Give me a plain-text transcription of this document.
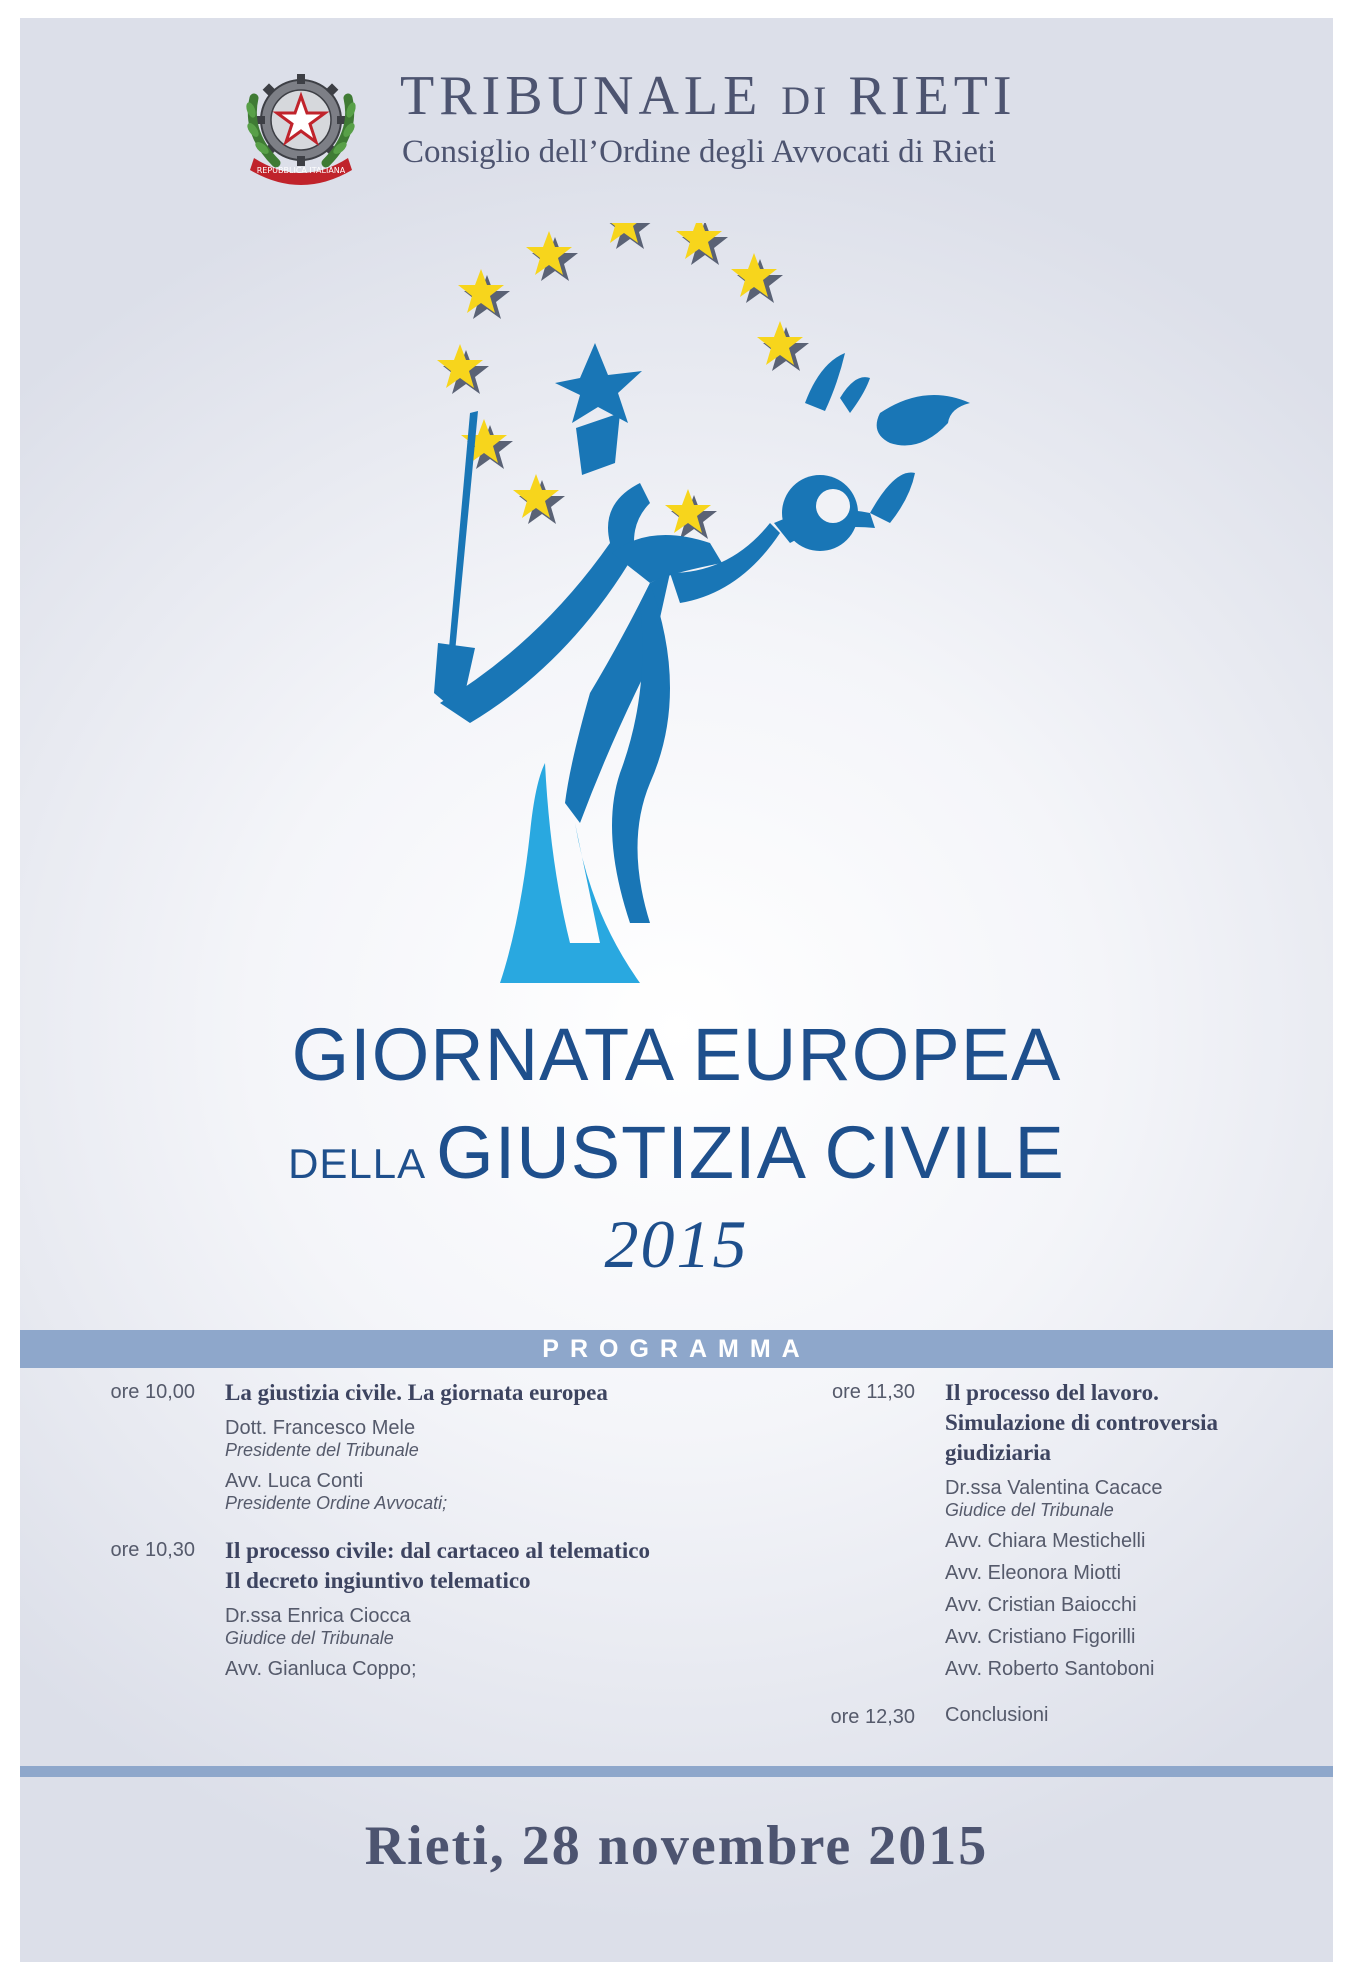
REPUBBLICA ITALIANA
TRIBUNALE DI RIETI
Consiglio dell’Ordine degli Avvocati di Rieti
GIORNATA EUROPEA
DELLA GIUSTIZIA CIVILE
2015
PROGRAMMA
ore 10,00 La giustizia civile. La giornata europea
Dott. Francesco Mele
Presidente del Tribunale
Avv. Luca Conti
Presidente Ordine Avvocati;
ore 10,30 Il processo civile: dal cartaceo al telematico
Il decreto ingiuntivo telematico
Dr.ssa Enrica Ciocca
Giudice del Tribunale
Avv. Gianluca Coppo;
ore 11,30 Il processo del lavoro.
Simulazione di controversia
giudiziaria
Dr.ssa Valentina Cacace
Giudice del Tribunale
Avv. Chiara Mestichelli
Avv. Eleonora Miotti
Avv. Cristian Baiocchi
Avv. Cristiano Figorilli
Avv. Roberto Santoboni
ore 12,30 Conclusioni
Rieti, 28 novembre 2015
